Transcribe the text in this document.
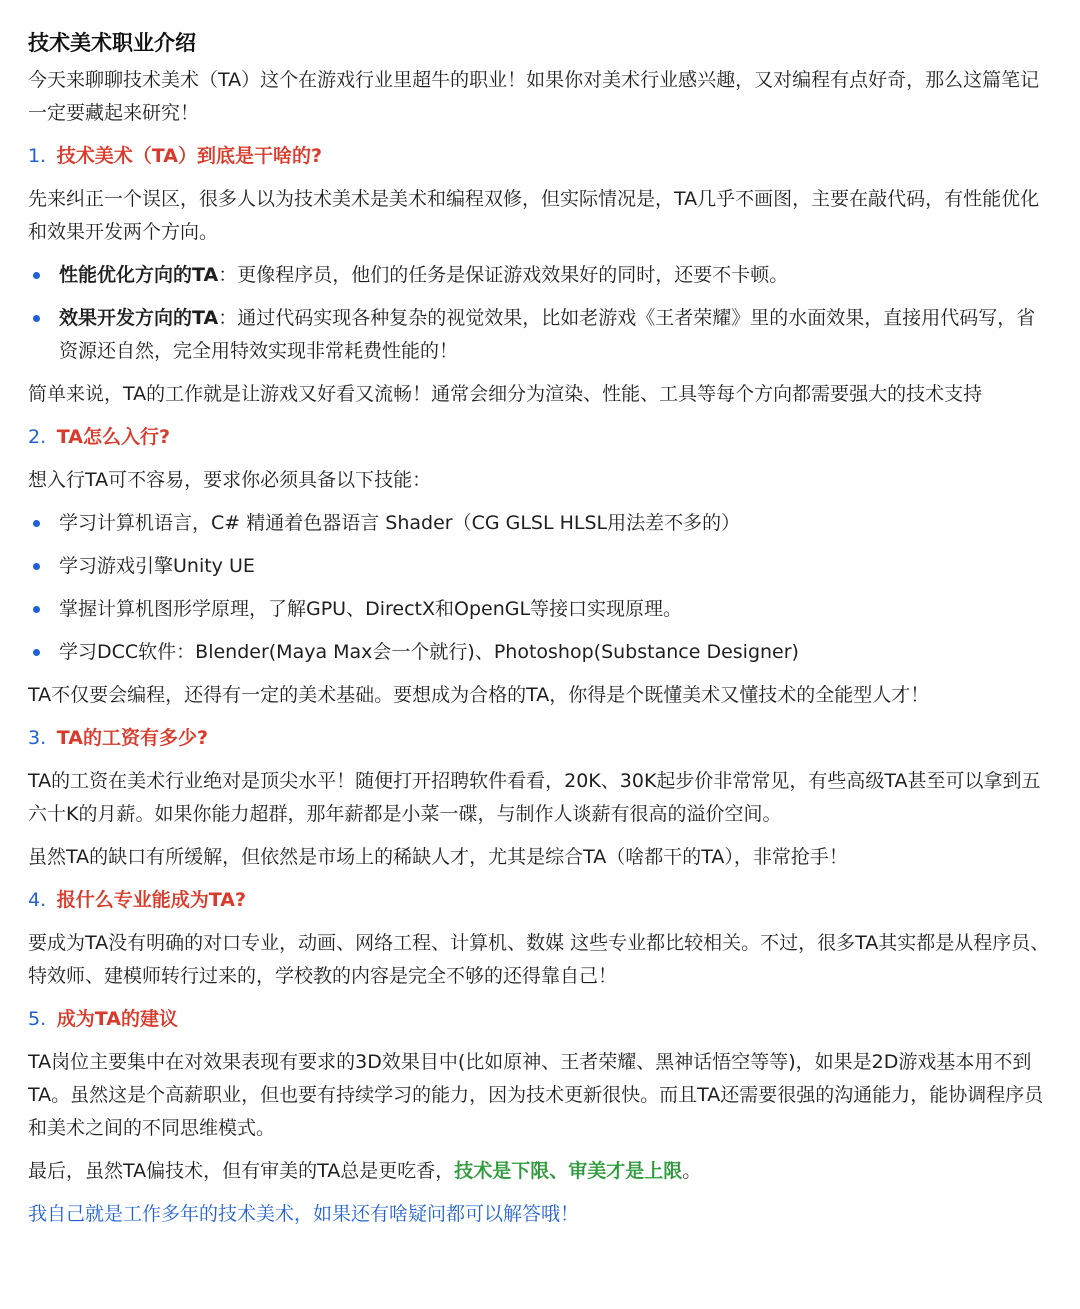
技术美术职业介绍

今天来聊聊技术美术（TA）这个在游戏行业里超牛的职业！如果你对美术行业感兴趣，又对编程有点好奇，那么这篇笔记一定要藏起来研究！

1. 技术美术（TA）到底是干啥的?

先来纠正一个误区，很多人以为技术美术是美术和编程双修，但实际情况是，TA几乎不画图，主要在敲代码，有性能优化和效果开发两个方向。

性能优化方向的TA：更像程序员，他们的任务是保证游戏效果好的同时，还要不卡顿。
效果开发方向的TA：通过代码实现各种复杂的视觉效果，比如老游戏《王者荣耀》里的水面效果，直接用代码写，省资源还自然，完全用特效实现非常耗费性能的！

简单来说，TA的工作就是让游戏又好看又流畅！通常会细分为渲染、性能、工具等每个方向都需要强大的技术支持

2. TA怎么入行?

想入行TA可不容易，要求你必须具备以下技能：

学习计算机语言，C# 精通着色器语言 Shader（CG GLSL HLSL用法差不多的）
学习游戏引擎Unity UE
掌握计算机图形学原理，了解GPU、DirectX和OpenGL等接口实现原理。
学习DCC软件：Blender(Maya Max会一个就行)、Photoshop(Substance Designer)

TA不仅要会编程，还得有一定的美术基础。要想成为合格的TA，你得是个既懂美术又懂技术的全能型人才！

3. TA的工资有多少?

TA的工资在美术行业绝对是顶尖水平！随便打开招聘软件看看，20K、30K起步价非常常见，有些高级TA甚至可以拿到五六十K的月薪。如果你能力超群，那年薪都是小菜一碟，与制作人谈薪有很高的溢价空间。

虽然TA的缺口有所缓解，但依然是市场上的稀缺人才，尤其是综合TA（啥都干的TA），非常抢手！

4. 报什么专业能成为TA?

要成为TA没有明确的对口专业，动画、网络工程、计算机、数媒 这些专业都比较相关。不过，很多TA其实都是从程序员、特效师、建模师转行过来的，学校教的内容是完全不够的还得靠自己！

5. 成为TA的建议

TA岗位主要集中在对效果表现有要求的3D效果目中(比如原神、王者荣耀、黑神话悟空等等)，如果是2D游戏基本用不到TA。虽然这是个高薪职业，但也要有持续学习的能力，因为技术更新很快。而且TA还需要很强的沟通能力，能协调程序员和美术之间的不同思维模式。

最后，虽然TA偏技术，但有审美的TA总是更吃香，技术是下限、审美才是上限。

我自己就是工作多年的技术美术，如果还有啥疑问都可以解答哦！
